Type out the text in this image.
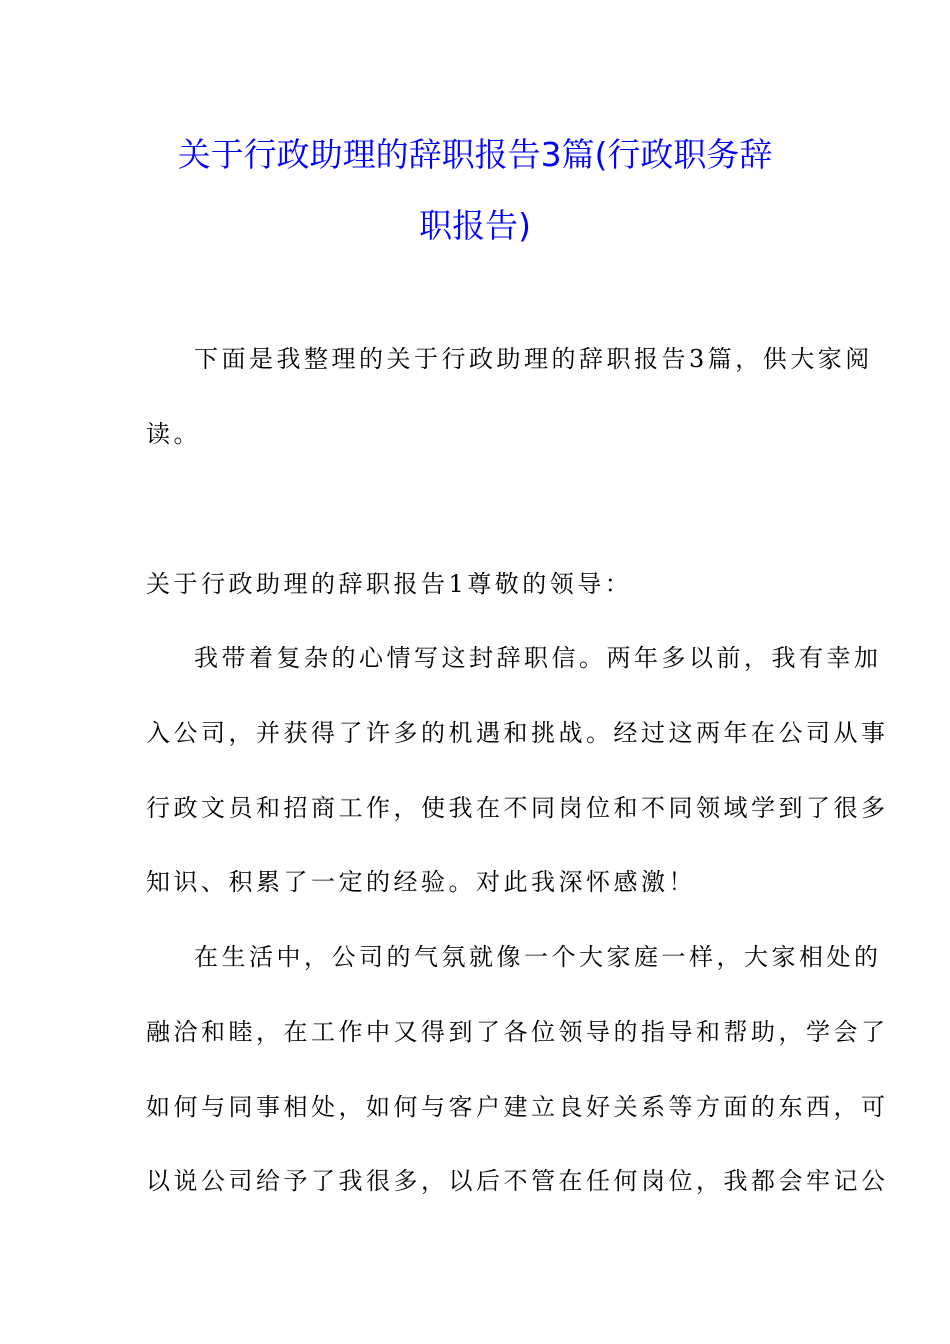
关于行政助理的辞职报告3篇(行政职务辞
职报告)
下面是我整理的关于行政助理的辞职报告3篇，供大家阅
读。
关于行政助理的辞职报告1尊敬的领导：
我带着复杂的心情写这封辞职信。两年多以前，我有幸加
入公司，并获得了许多的机遇和挑战。经过这两年在公司从事
行政文员和招商工作，使我在不同岗位和不同领域学到了很多
知识、积累了一定的经验。对此我深怀感激！
在生活中，公司的气氛就像一个大家庭一样，大家相处的
融洽和睦，在工作中又得到了各位领导的指导和帮助，学会了
如何与同事相处，如何与客户建立良好关系等方面的东西，可
以说公司给予了我很多，以后不管在任何岗位，我都会牢记公
